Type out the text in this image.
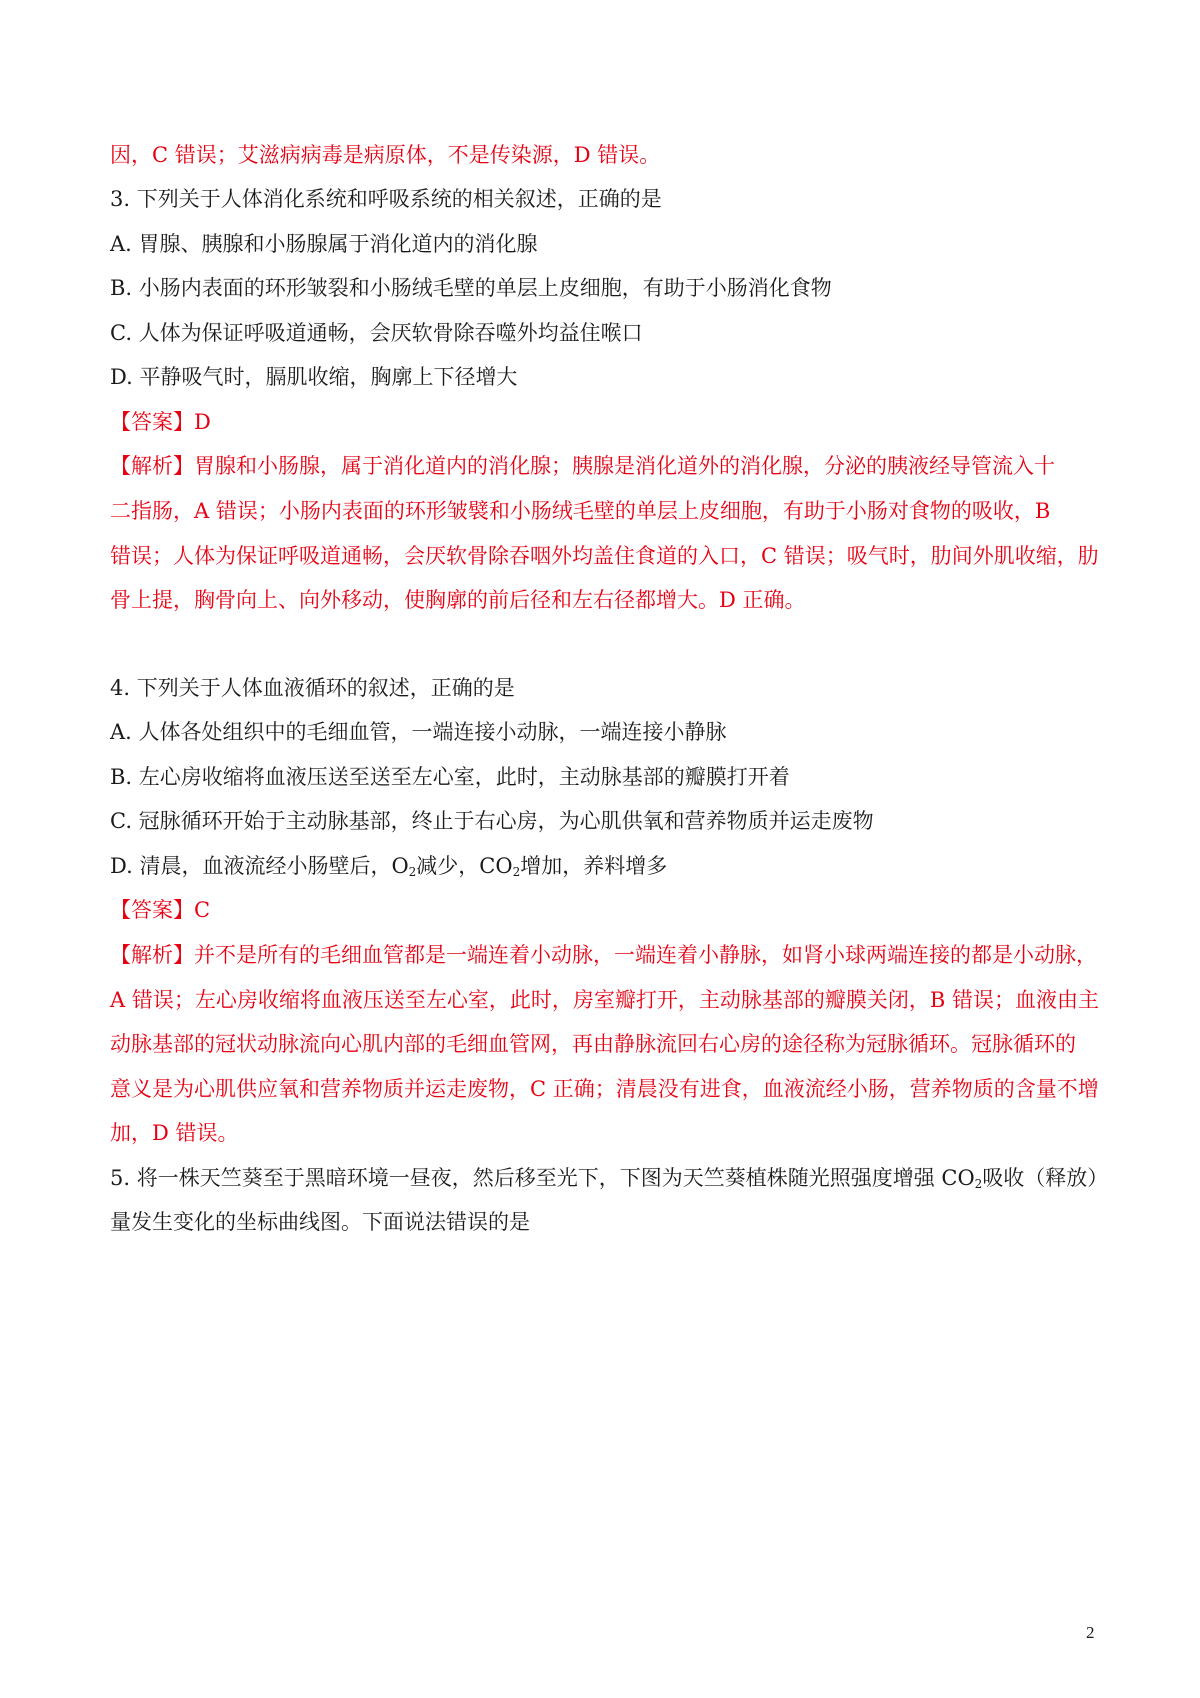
因，C 错误；艾滋病病毒是病原体，不是传染源，D 错误。
3. 下列关于人体消化系统和呼吸系统的相关叙述，正确的是
A. 胃腺、胰腺和小肠腺属于消化道内的消化腺
B. 小肠内表面的环形皱裂和小肠绒毛壁的单层上皮细胞，有助于小肠消化食物
C. 人体为保证呼吸道通畅，会厌软骨除吞噬外均益住喉口
D. 平静吸气时，膈肌收缩，胸廓上下径增大
【答案】D
【解析】胃腺和小肠腺，属于消化道内的消化腺；胰腺是消化道外的消化腺，分泌的胰液经导管流入十
二指肠，A 错误；小肠内表面的环形皱襞和小肠绒毛壁的单层上皮细胞，有助于小肠对食物的吸收，B
错误；人体为保证呼吸道通畅，会厌软骨除吞咽外均盖住食道的入口，C 错误；吸气时，肋间外肌收缩，肋
骨上提，胸骨向上、向外移动，使胸廓的前后径和左右径都增大。D 正确。
4. 下列关于人体血液循环的叙述，正确的是
A. 人体各处组织中的毛细血管，一端连接小动脉，一端连接小静脉
B. 左心房收缩将血液压送至送至左心室，此时，主动脉基部的瓣膜打开着
C. 冠脉循环开始于主动脉基部，终止于右心房，为心肌供氧和营养物质并运走废物
D. 清晨，血液流经小肠壁后，$O_2$减少，$CO_2$增加，养料增多
【答案】C
【解析】并不是所有的毛细血管都是一端连着小动脉，一端连着小静脉，如肾小球两端连接的都是小动脉，
A 错误；左心房收缩将血液压送至左心室，此时，房室瓣打开，主动脉基部的瓣膜关闭，B 错误；血液由主
动脉基部的冠状动脉流向心肌内部的毛细血管网，再由静脉流回右心房的途径称为冠脉循环。冠脉循环的
意义是为心肌供应氧和营养物质并运走废物，C 正确；清晨没有进食，血液流经小肠，营养物质的含量不增
加，D 错误。
5. 将一株天竺葵至于黑暗环境一昼夜，然后移至光下，下图为天竺葵植株随光照强度增强 $CO_2$吸收（释放）
量发生变化的坐标曲线图。下面说法错误的是
2
